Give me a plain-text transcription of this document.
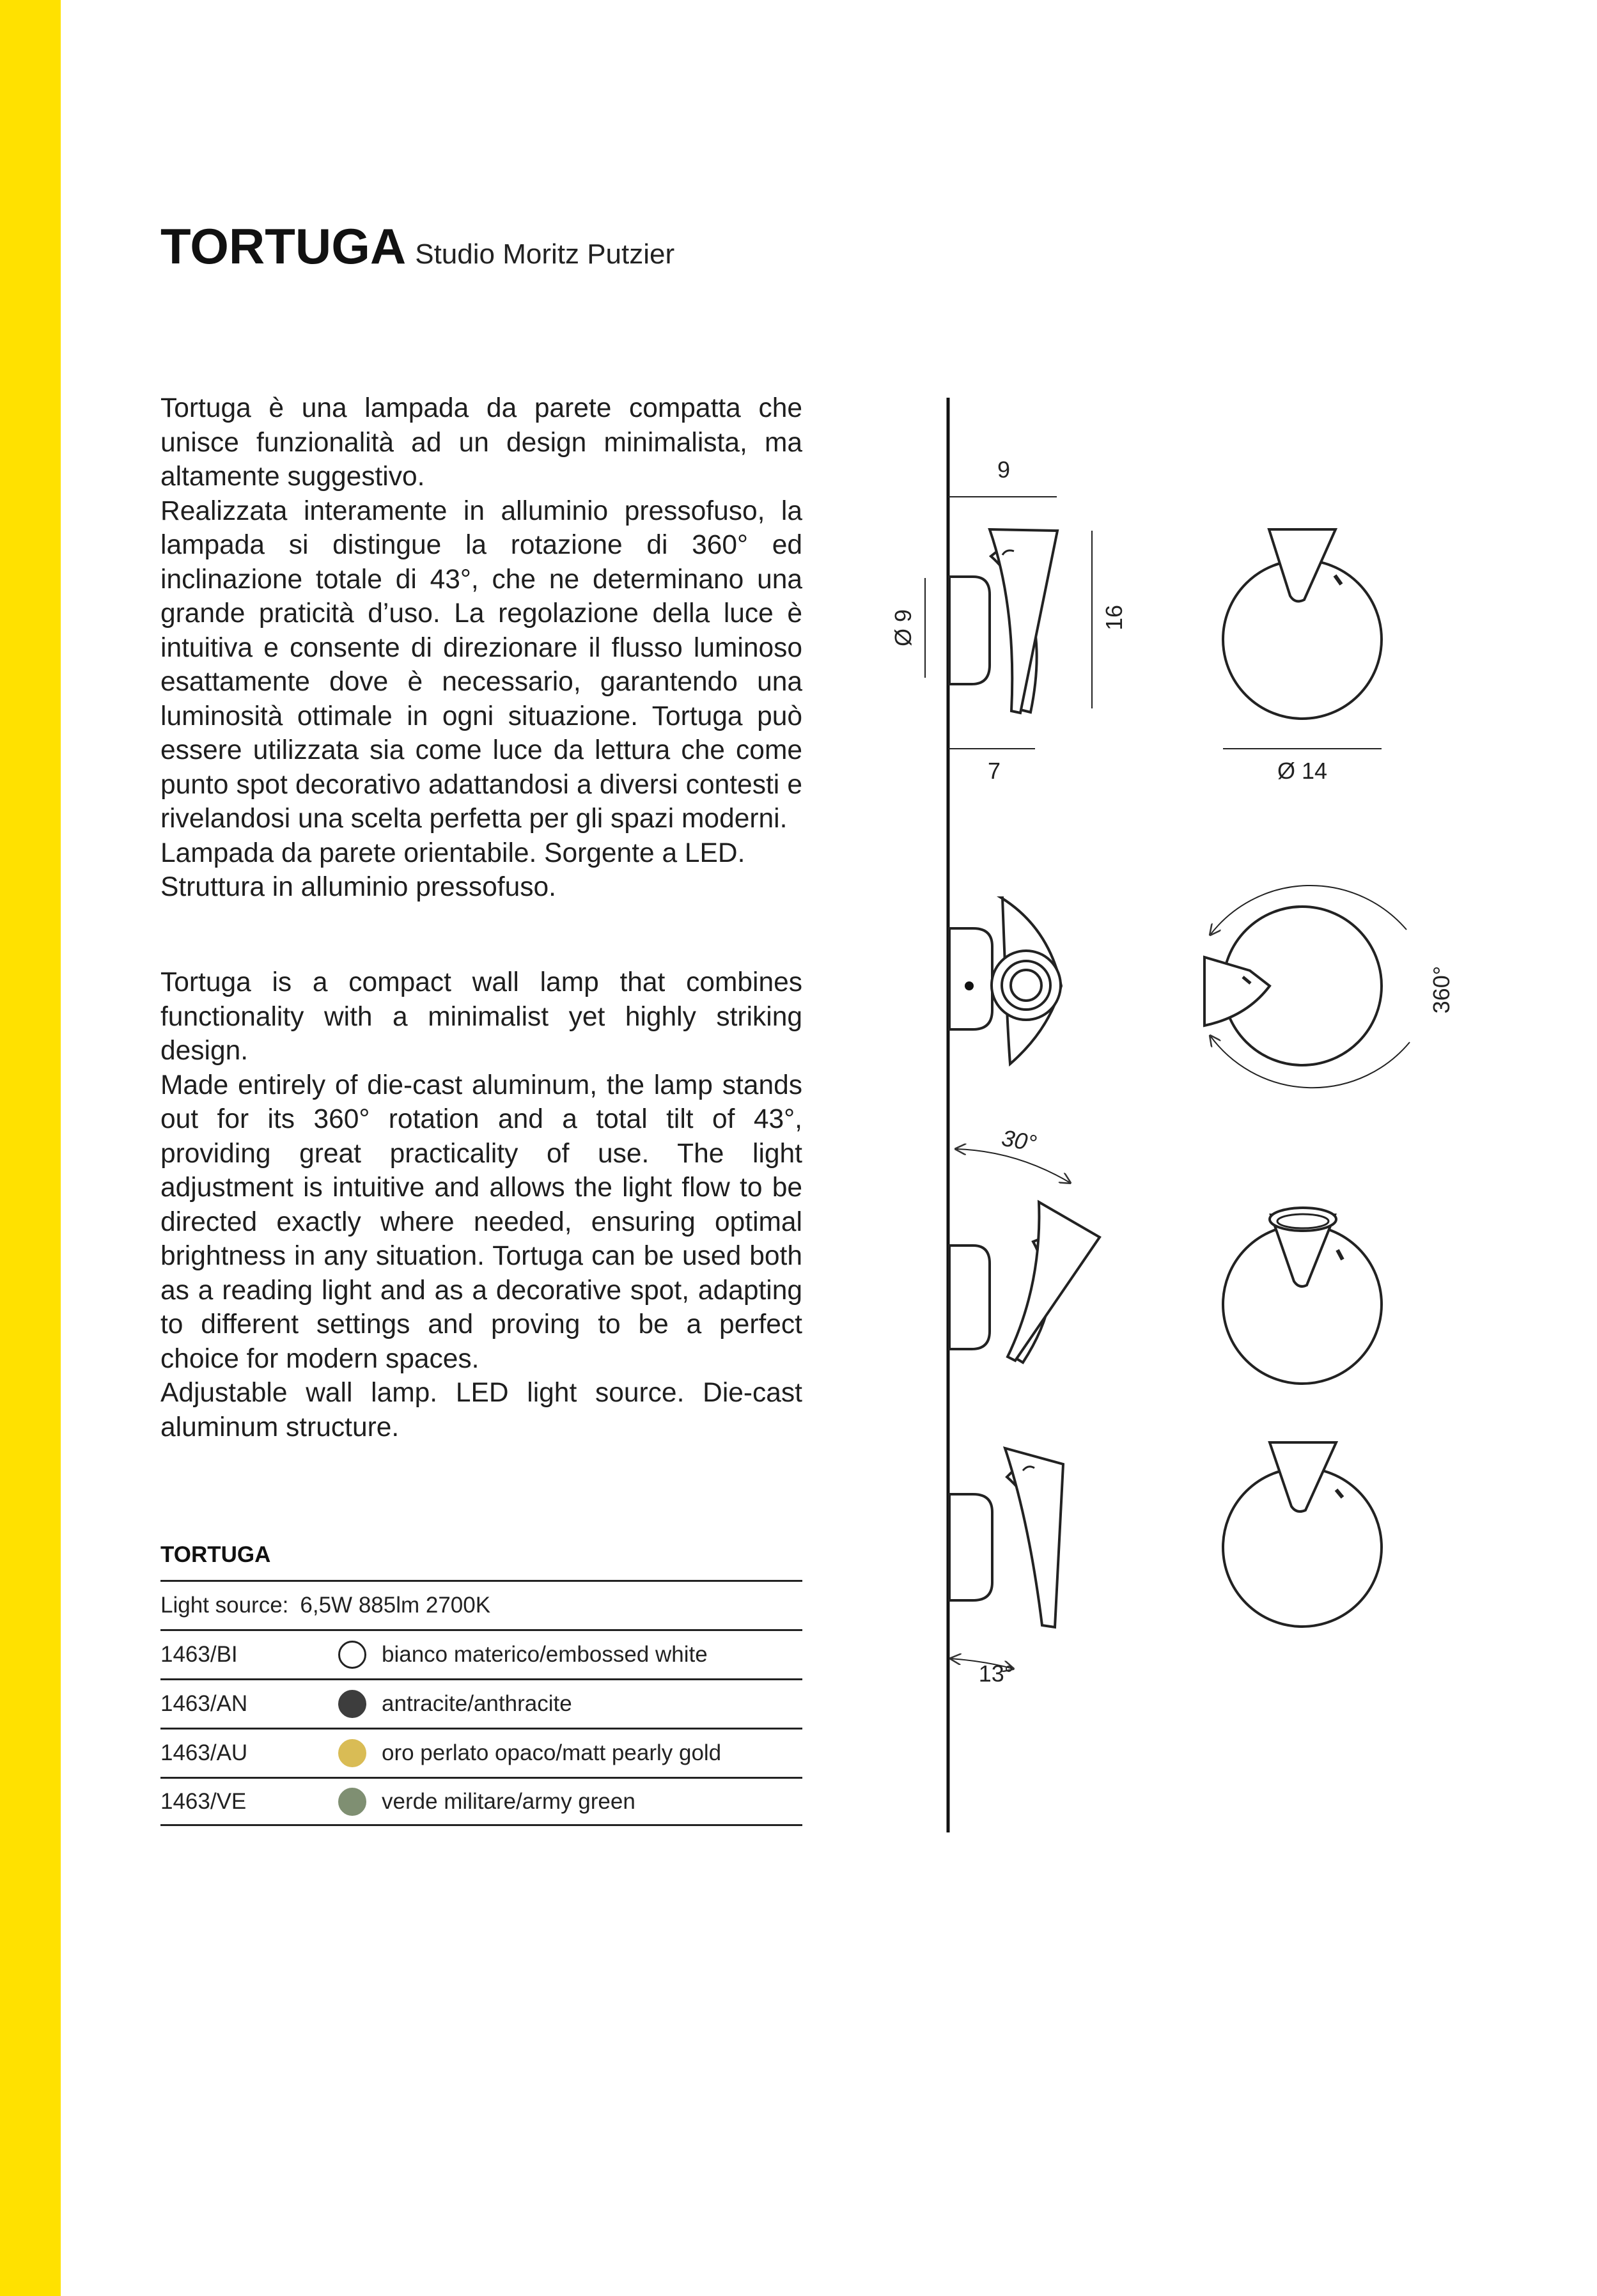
TORTUGA Studio Moritz Putzier

Tortuga è una lampada da parete compatta che unisce funzionalità ad un design minimalista, ma altamente suggestivo.

Realizzata interamente in alluminio pressofuso, la lampada si distingue la rotazione di 360° ed inclinazione totale di 43°, che ne determinano una grande praticità d’uso. La regolazione della luce è intuitiva e consente di direzionare il flusso luminoso esattamente dove è necessario, garantendo una luminosità ottimale in ogni situazione. Tortuga può essere utilizzata sia come luce da lettura che come punto spot decorativo adattandosi a diversi contesti e rivelandosi una scelta perfetta per gli spazi moderni.

Lampada da parete orientabile. Sorgente a LED.

Struttura in alluminio pressofuso.

Tortuga is a compact wall lamp that combines functionality with a minimalist yet highly striking design.

Made entirely of die-cast aluminum, the lamp stands out for its 360° rotation and a total tilt of 43°, providing great practicality of use. The light adjustment is intuitive and allows the light flow to be directed exactly where needed, ensuring optimal brightness in any situation. Tortuga can be used both as a reading light and as a decorative spot, adapting to different settings and proving to be a perfect choice for modern spaces.

Adjustable wall lamp. LED light source. Die-cast aluminum structure.

TORTUGA
Light source: 6,5W 885lm 2700K
1463/BI	bianco materico/embossed white
1463/AN	antracite/anthracite
1463/AU	oro perlato opaco/matt pearly gold
1463/VE	verde militare/army green
9
7
Ø 9	16
Ø 14
360°
30°
13°
